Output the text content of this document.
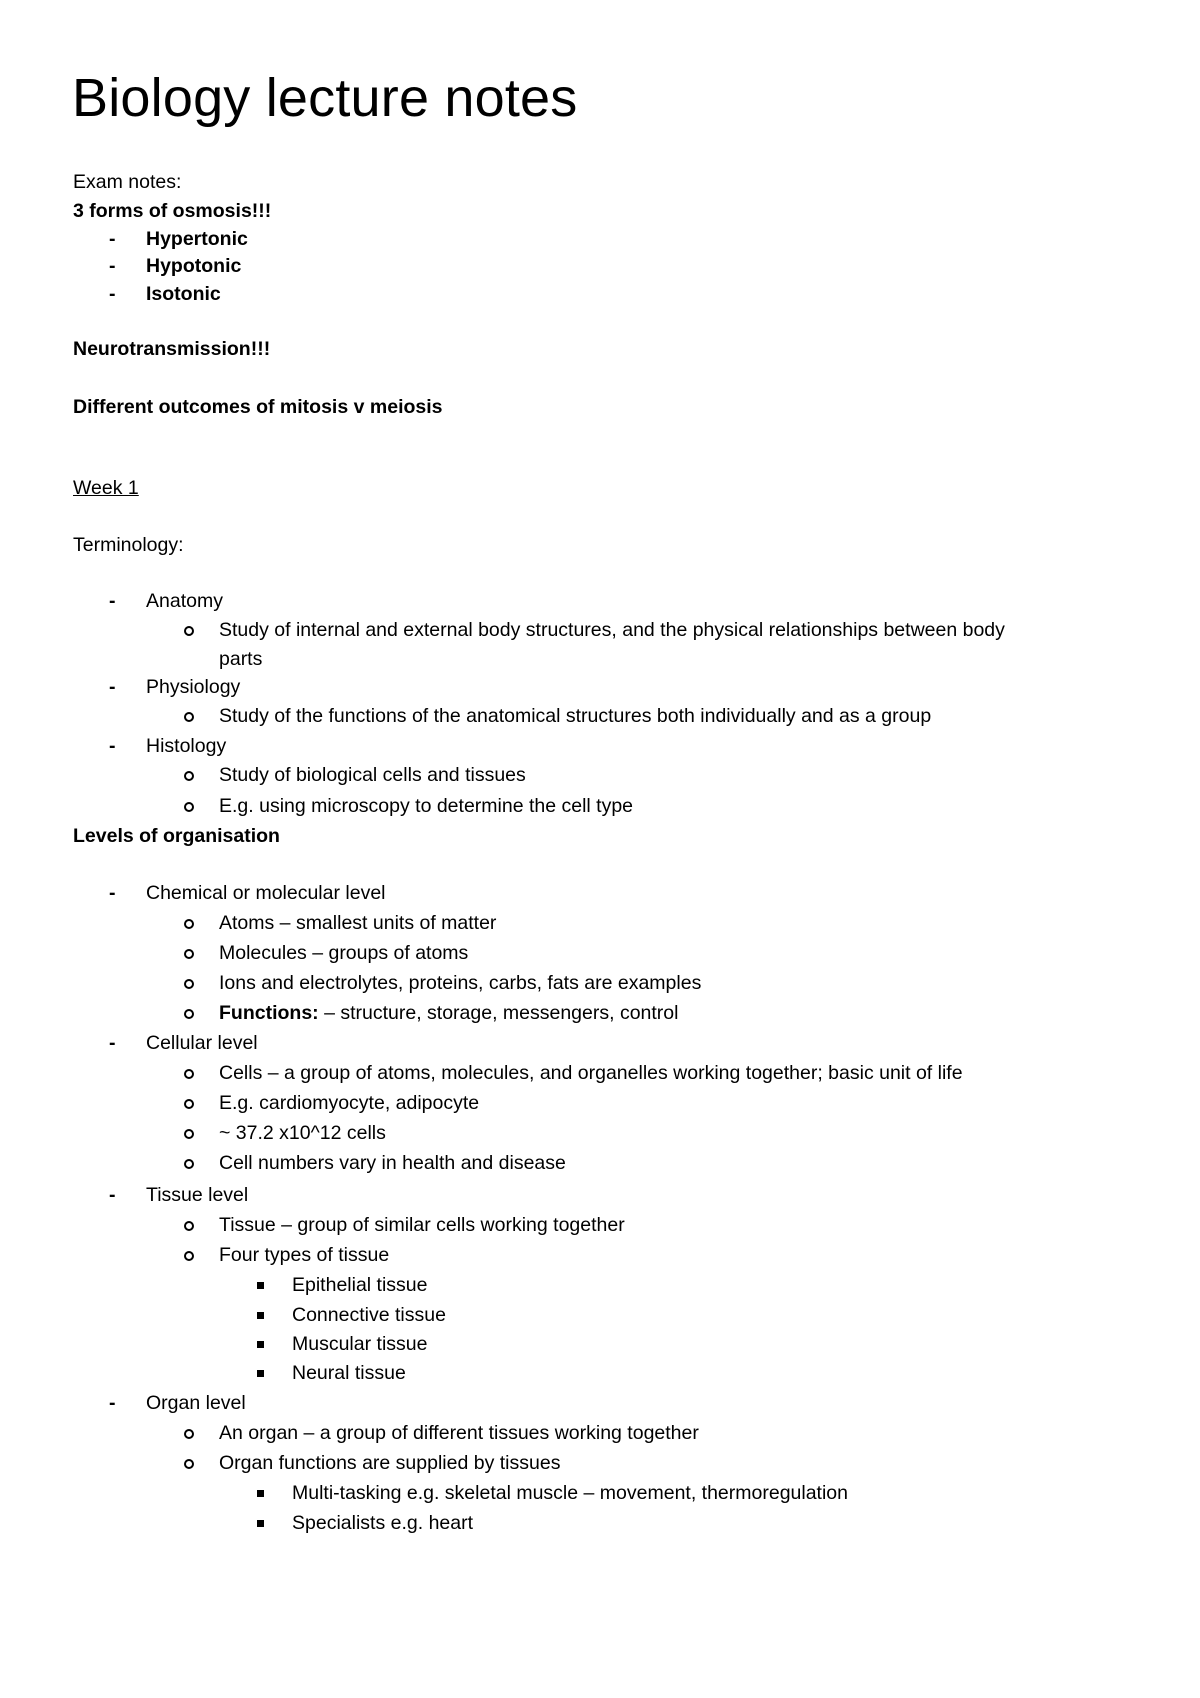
Biology lecture notes

Exam notes:

3 forms of osmosis!!!

-	Hypertonic

-	Hypotonic

-	Isotonic

Neurotransmission!!!

Different outcomes of mitosis v meiosis

Week 1

Terminology:

-	Anatomy

Study of internal and external body structures, and the physical relationships between body

parts

-	Physiology

Study of the functions of the anatomical structures both individually and as a group

-	Histology

Study of biological cells and tissues

E.g. using microscopy to determine the cell type

Levels of organisation

-	Chemical or molecular level

Atoms – smallest units of matter

Molecules – groups of atoms

Ions and electrolytes, proteins, carbs, fats are examples

Functions: – structure, storage, messengers, control

-	Cellular level

Cells – a group of atoms, molecules, and organelles working together; basic unit of life

E.g. cardiomyocyte, adipocyte

~ 37.2 x10^12 cells

Cell numbers vary in health and disease

-	Tissue level

Tissue – group of similar cells working together

Four types of tissue

Epithelial tissue

Connective tissue

Muscular tissue

Neural tissue

-	Organ level

An organ – a group of different tissues working together

Organ functions are supplied by tissues

Multi-tasking e.g. skeletal muscle – movement, thermoregulation

Specialists e.g. heart
